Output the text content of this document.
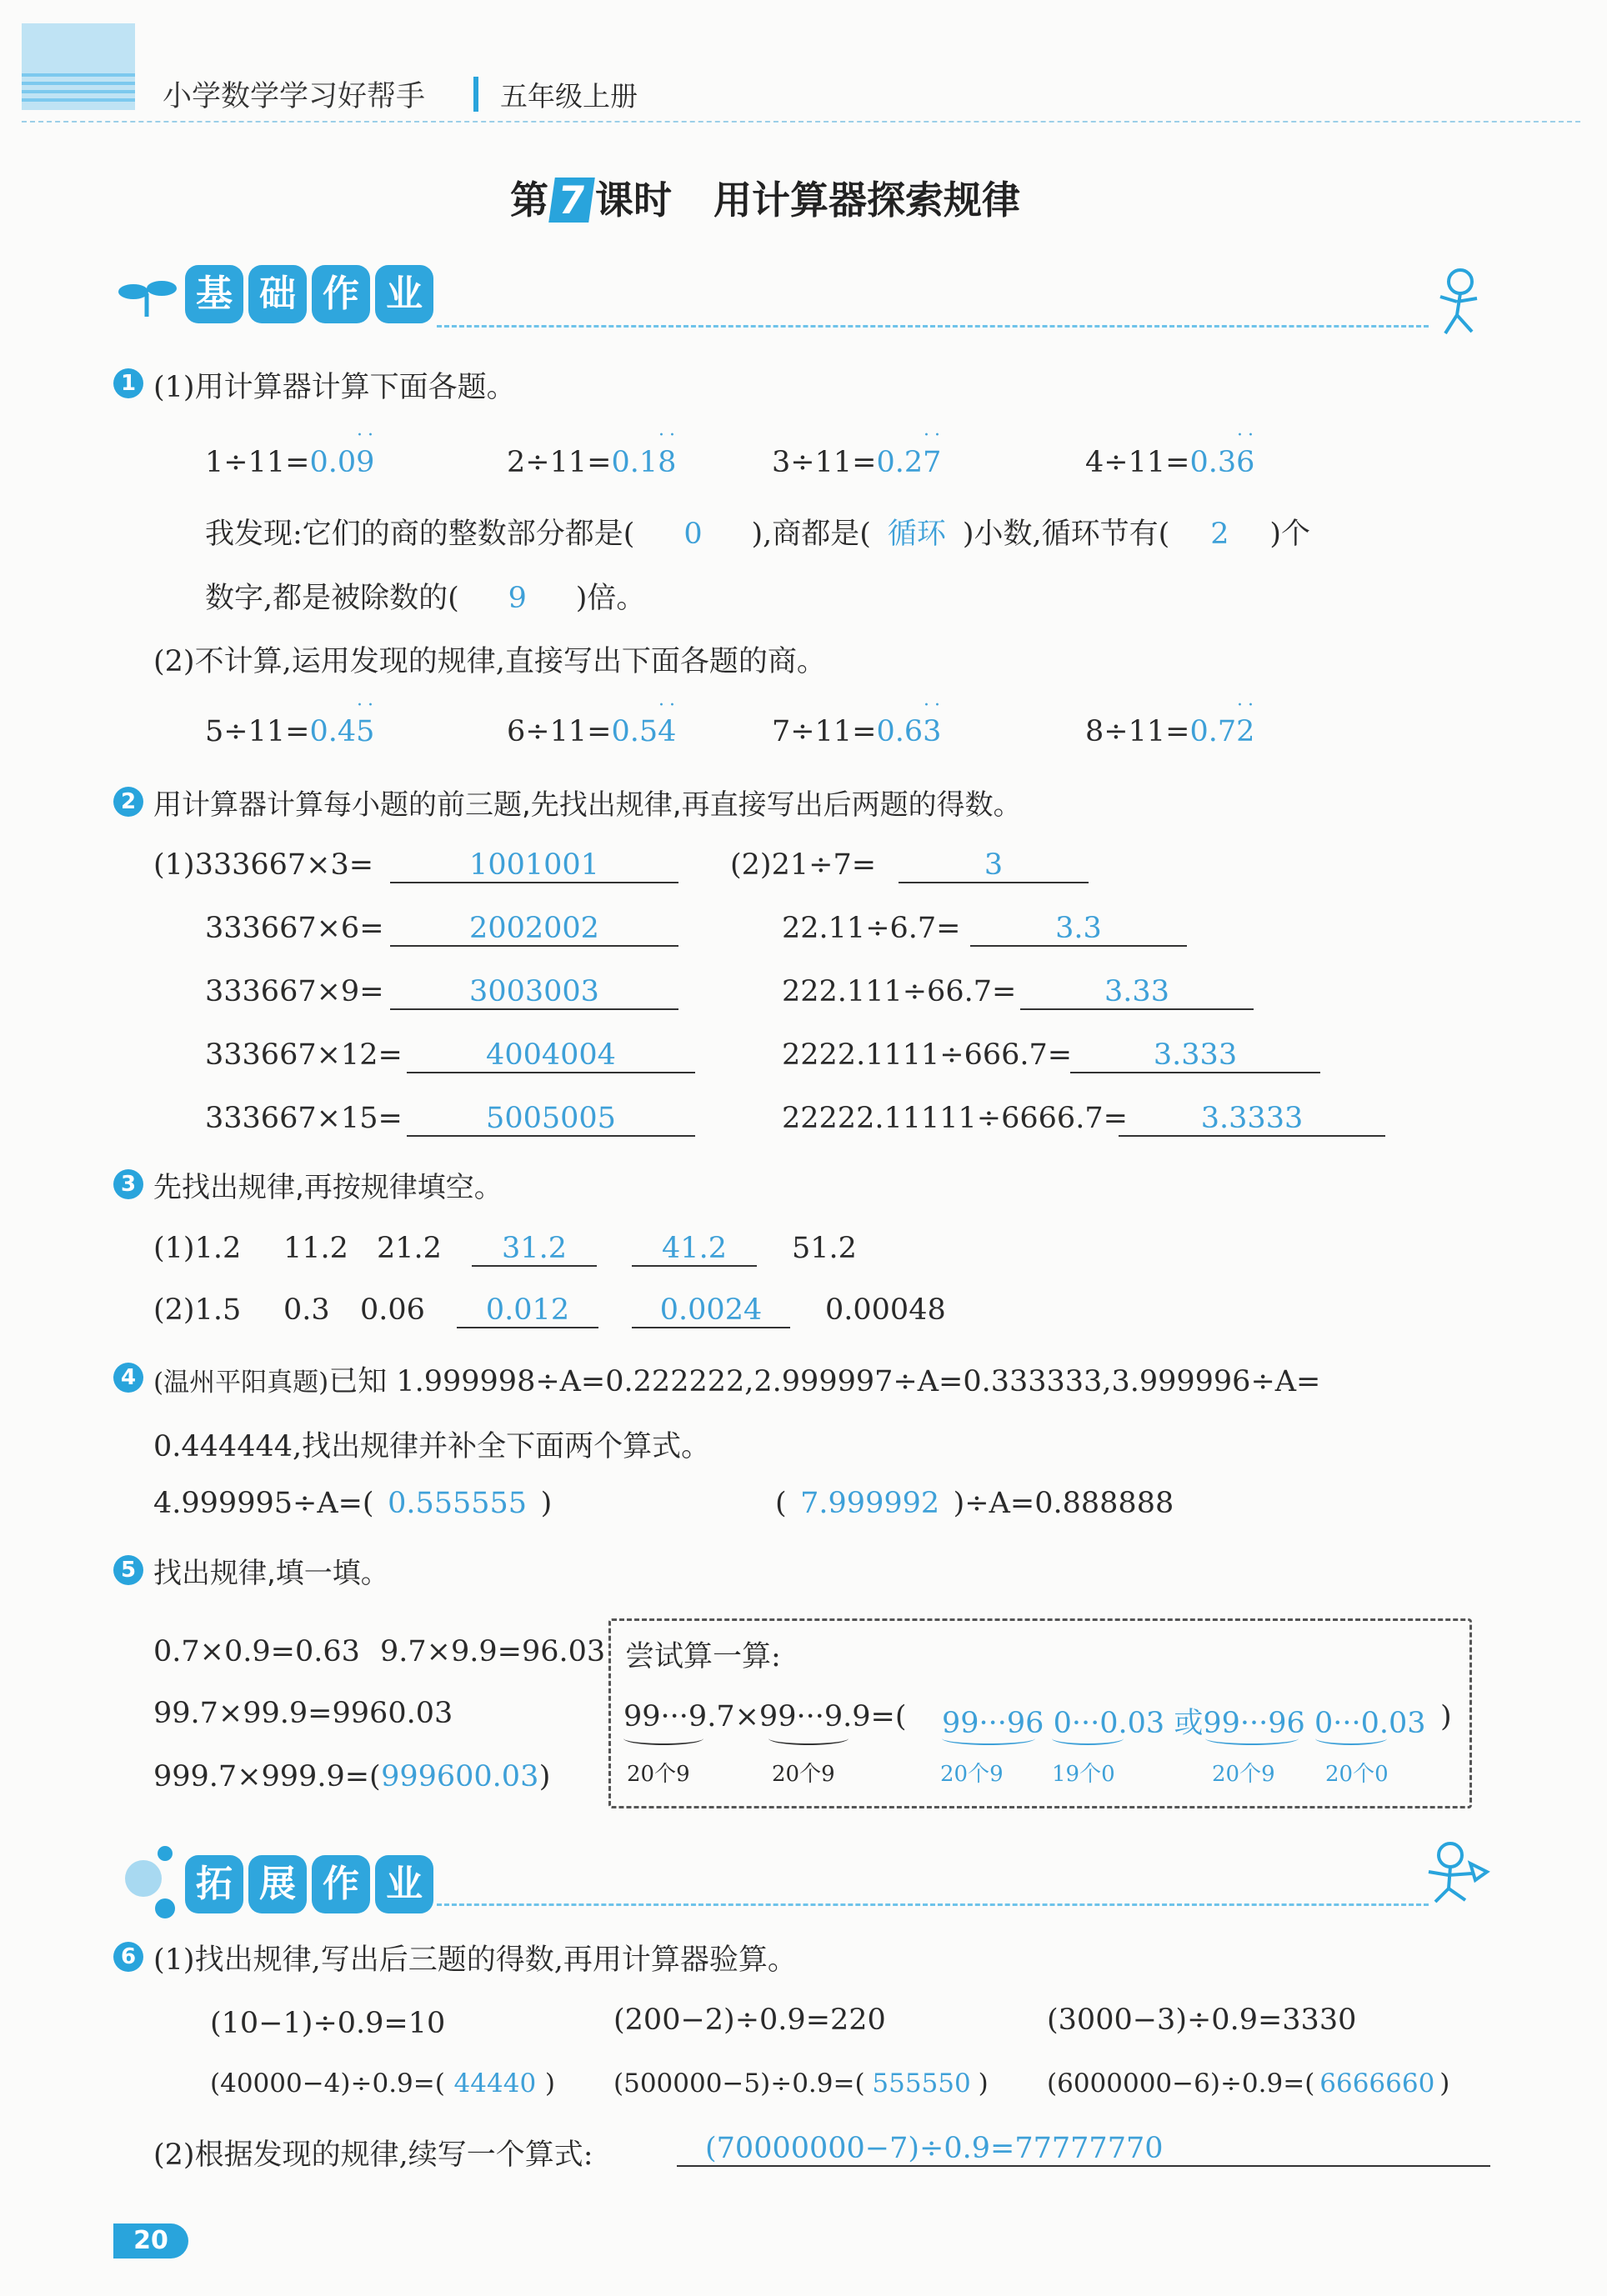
小学数学学习好帮手	五年级上册
第 7 课时 用计算器探索规律
基 础 作 业
1 (1)用计算器计算下面各题。
1÷11=0.09
··
2÷11=0.18
··
3÷11=0.27
··
4÷11=0.36
··
我发现:它们的商的整数部分都是( 0 ),商都是( 循环 )小数,循环节有( 2 )个
数字,都是被除数的( 9 )倍。
(2)不计算,运用发现的规律,直接写出下面各题的商。
5÷11=0.45
··
6÷11=0.54
··
7÷11=0.63
··
8÷11=0.72
··
2 用计算器计算每小题的前三题,先找出规律,再直接写出后两题的得数。
(1)333667×3=	1001001
333667×6=	2002002
333667×9=	3003003
333667×12=	4004004
333667×15=	5005005
(2)21÷7=	3
22.11÷6.7=	3.3
222.111÷66.7=	3.33
2222.1111÷666.7=	3.333
22222.11111÷6666.7=	3.3333
3 先找出规律,再按规律填空。
(1)1.2 11.2 21.2	31.2	41.2	51.2
(2)1.5 0.3 0.06	0.012	0.0024	0.00048
4 (温州平阳真题)已知 1.999998÷A=0.222222,2.999997÷A=0.333333,3.999996÷A=
0.444444,找出规律并补全下面两个算式。
4.999995÷A=( 0.555555 )	( 7.999992 )÷A=0.888888
5 找出规律,填一填。
0.7×0.9=0.63 9.7×9.9=96.03
99.7×99.9=9960.03
999.7×999.9=(999600.03)
尝试算一算:
99···9.7×99···9.9=( 99···96 0···0.03 或99···96 0···0.03 )
20个9	20个9	20个9 19个0	20个9 20个0
拓 展 作 业
6 (1)找出规律,写出后三题的得数,再用计算器验算。
(10−1)÷0.9=10	(200−2)÷0.9=220	(3000−3)÷0.9=3330
(40000−4)÷0.9=( 44440 ) (500000−5)÷0.9=( 555550 ) (6000000−6)÷0.9=( 6666660 )
(2)根据发现的规律,续写一个算式:	(70000000−7)÷0.9=77777770
20
